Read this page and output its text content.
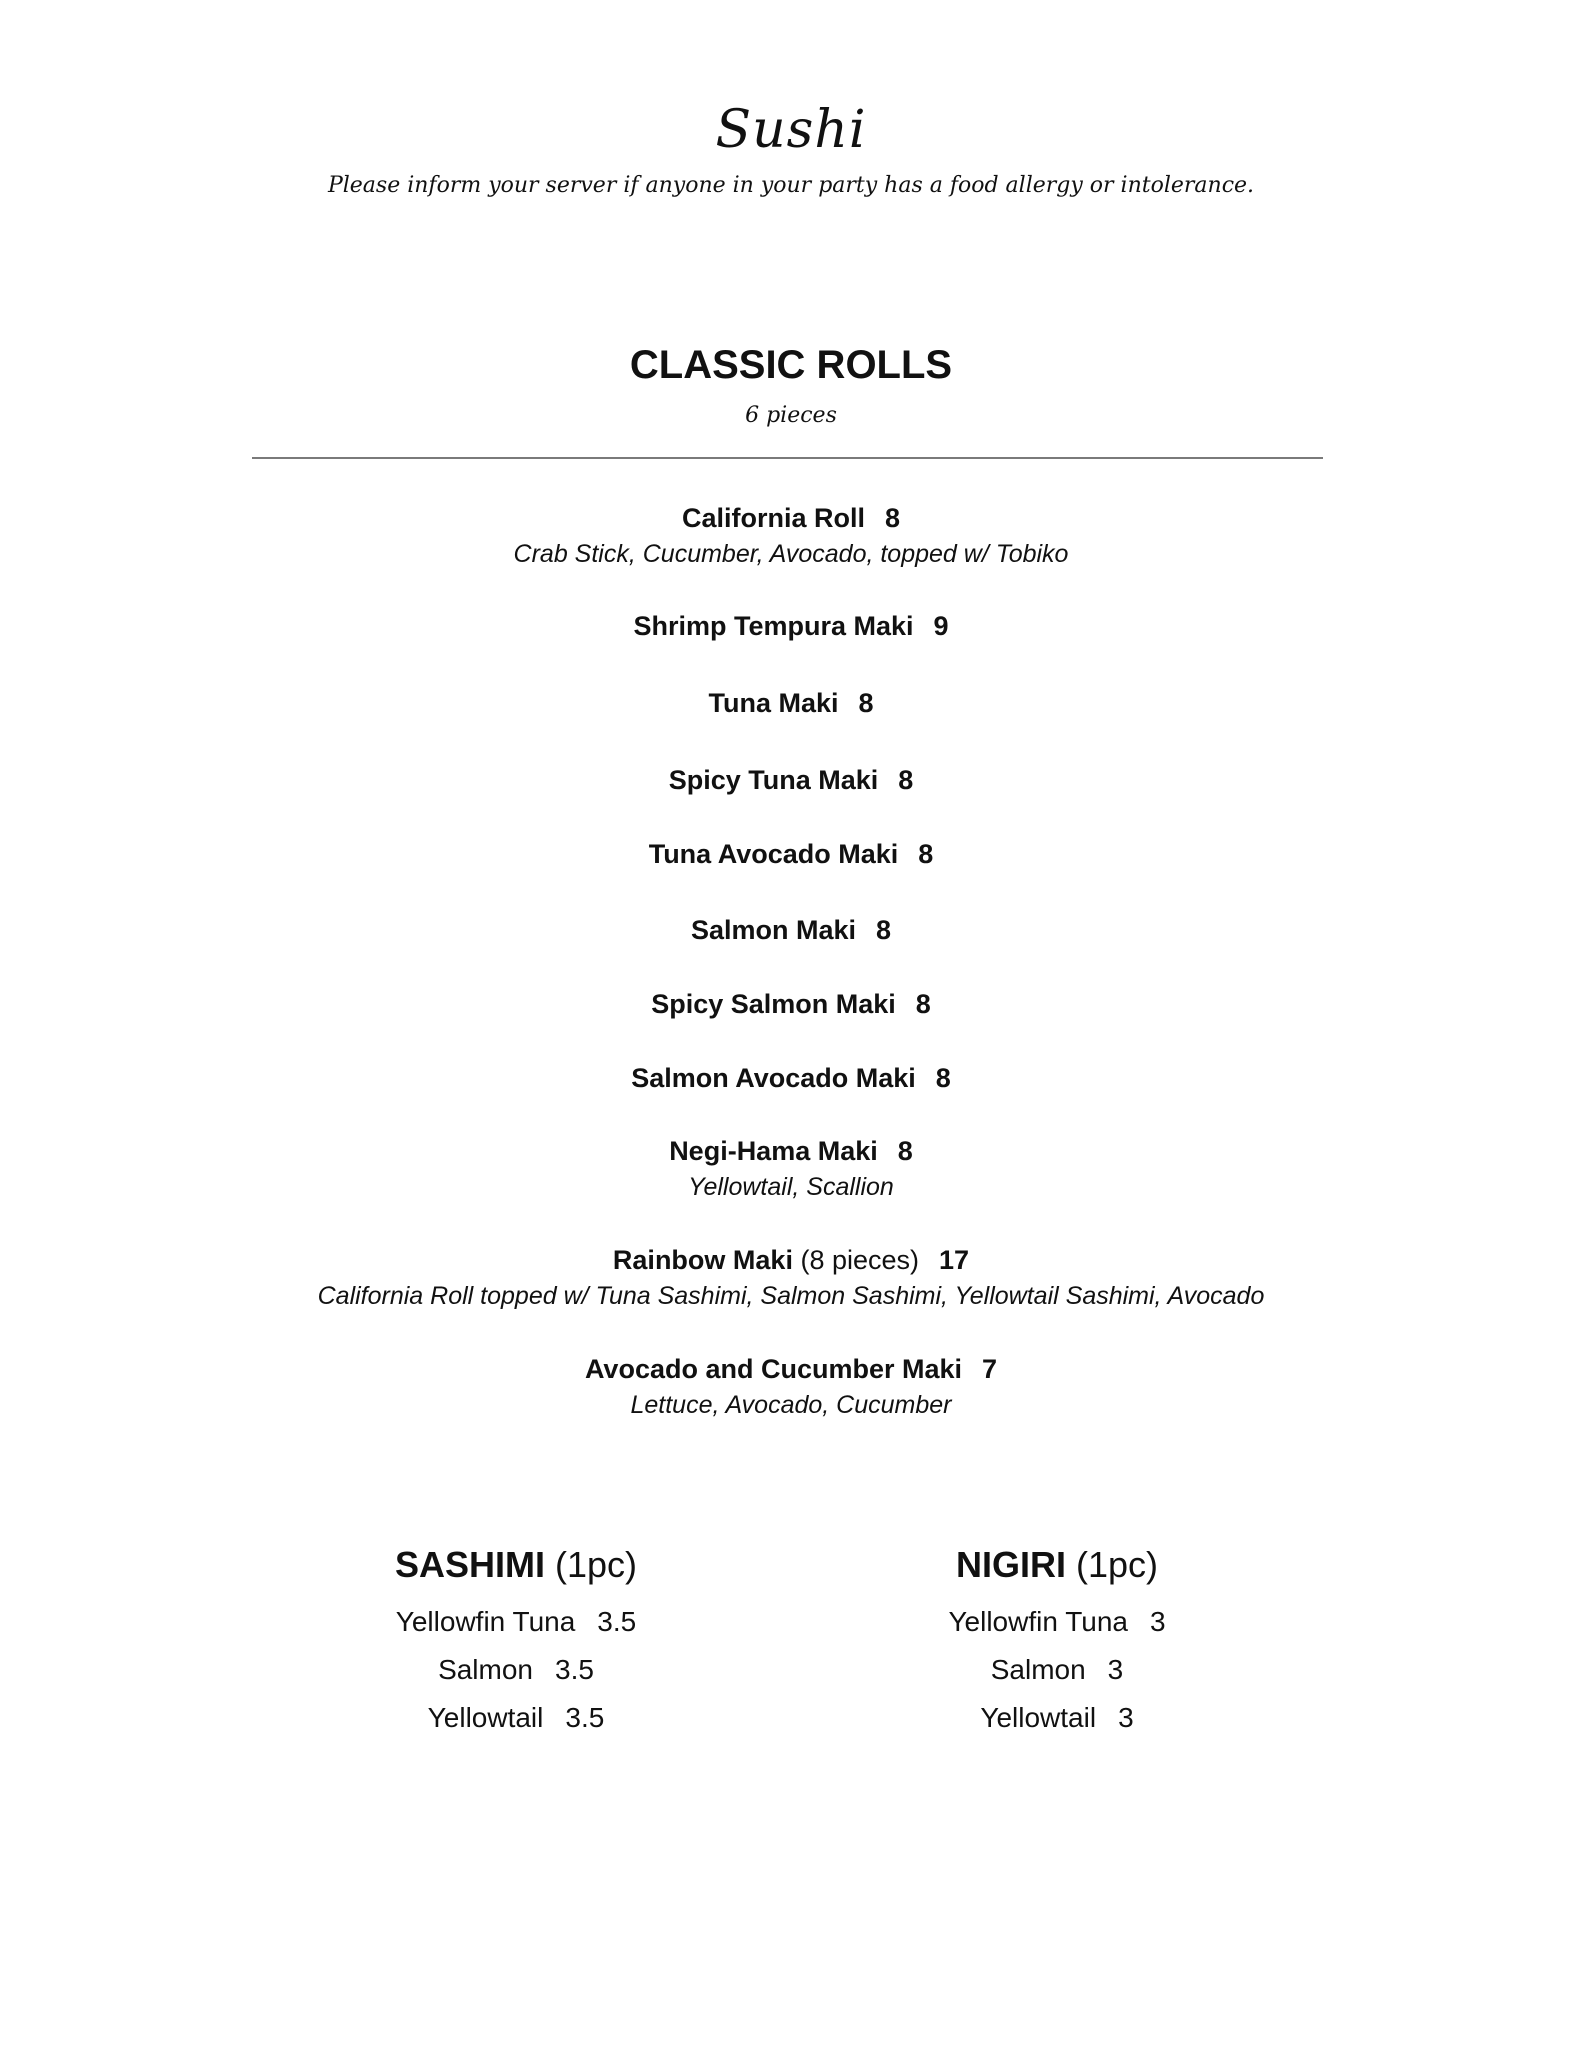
Sushi
Please inform your server if anyone in your party has a food allergy or intolerance.
CLASSIC ROLLS
6 pieces
California Roll 8
Crab Stick, Cucumber, Avocado, topped w/ Tobiko
Shrimp Tempura Maki 9
Tuna Maki 8
Spicy Tuna Maki 8
Tuna Avocado Maki 8
Salmon Maki 8
Spicy Salmon Maki 8
Salmon Avocado Maki 8
Negi-Hama Maki 8
Yellowtail, Scallion
Rainbow Maki (8 pieces) 17
California Roll topped w/ Tuna Sashimi, Salmon Sashimi, Yellowtail Sashimi, Avocado
Avocado and Cucumber Maki 7
Lettuce, Avocado, Cucumber
SASHIMI (1pc)
Yellowfin Tuna 3.5
Salmon 3.5
Yellowtail 3.5
NIGIRI (1pc)
Yellowfin Tuna 3
Salmon 3
Yellowtail 3
